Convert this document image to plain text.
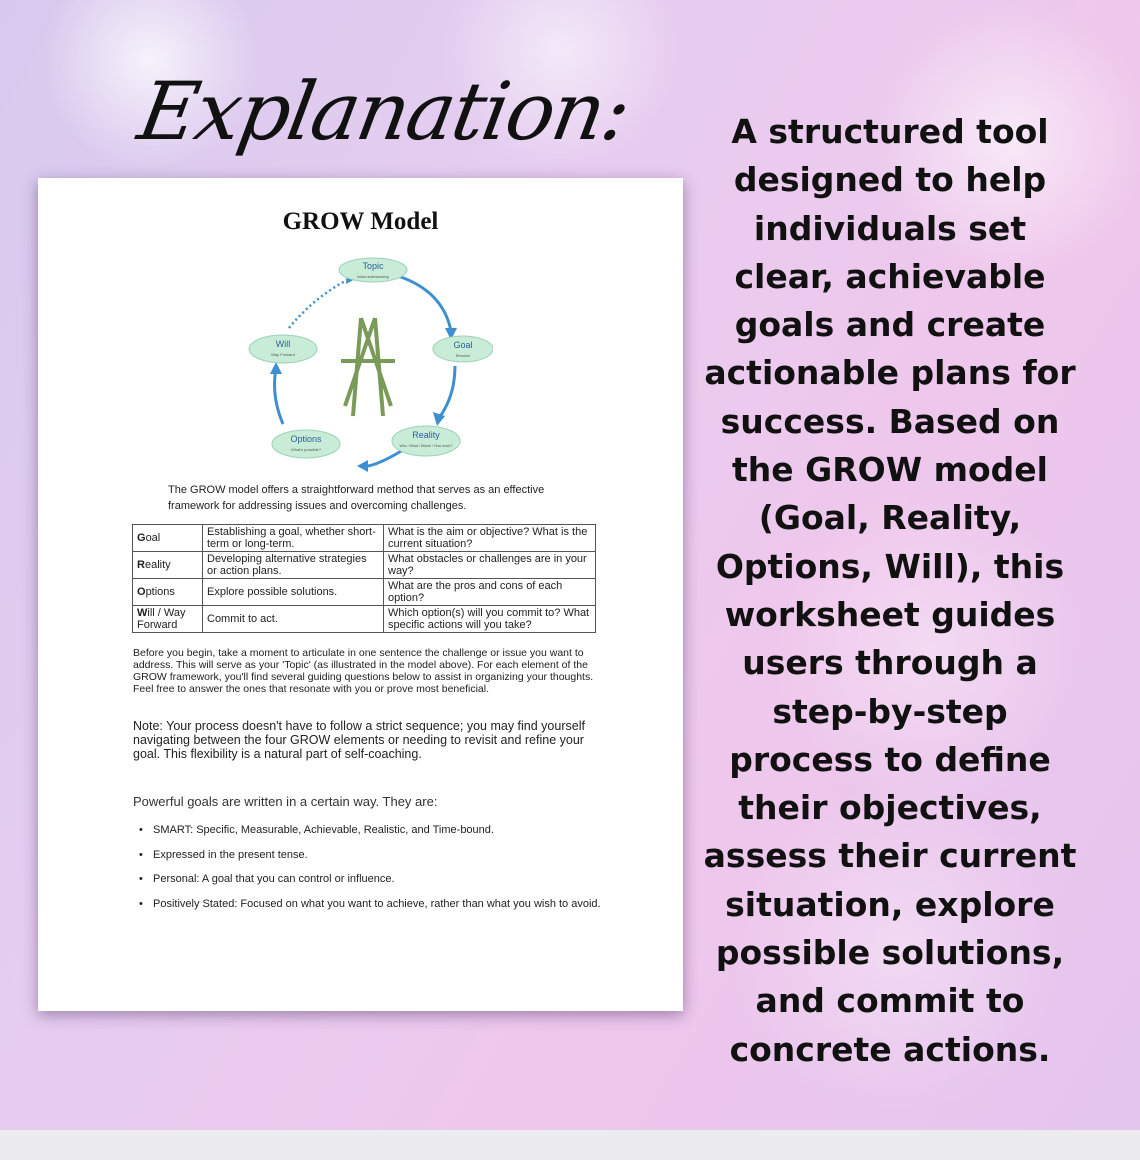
Explanation:	A structured tool designed to help individuals set clear, achievable goals and create actionable plans for success. Based on the GROW model (Goal, Reality, Options, Will), this worksheet guides users through a step-by-step process to define their objectives, assess their current situation, explore possible solutions, and commit to concrete actions.
GROW Model
Topic
Initial understanding
Goal
Resolve
Reality
Who / What / Where / How much?
Options
What's possible?
Will
Way Forward
The GROW model offers a straightforward method that serves as an effective framework for addressing issues and overcoming challenges.
Goal	Establishing a goal, whether short-term or long-term.	What is the aim or objective? What is the current situation?
Reality	Developing alternative strategies or action plans.	What obstacles or challenges are in your way?
Options	Explore possible solutions.	What are the pros and cons of each option?
Will / Way Forward	Commit to act.	Which option(s) will you commit to? What specific actions will you take?
Before you begin, take a moment to articulate in one sentence the challenge or issue you want to address. This will serve as your 'Topic' (as illustrated in the model above). For each element of the GROW framework, you'll find several guiding questions below to assist in organizing your thoughts. Feel free to answer the ones that resonate with you or prove most beneficial.
Note: Your process doesn't have to follow a strict sequence; you may find yourself navigating between the four GROW elements or needing to revisit and refine your goal. This flexibility is a natural part of self-coaching.
Powerful goals are written in a certain way. They are:
• SMART: Specific, Measurable, Achievable, Realistic, and Time-bound.
• Expressed in the present tense.
• Personal: A goal that you can control or influence.
• Positively Stated: Focused on what you want to achieve, rather than what you wish to avoid.
